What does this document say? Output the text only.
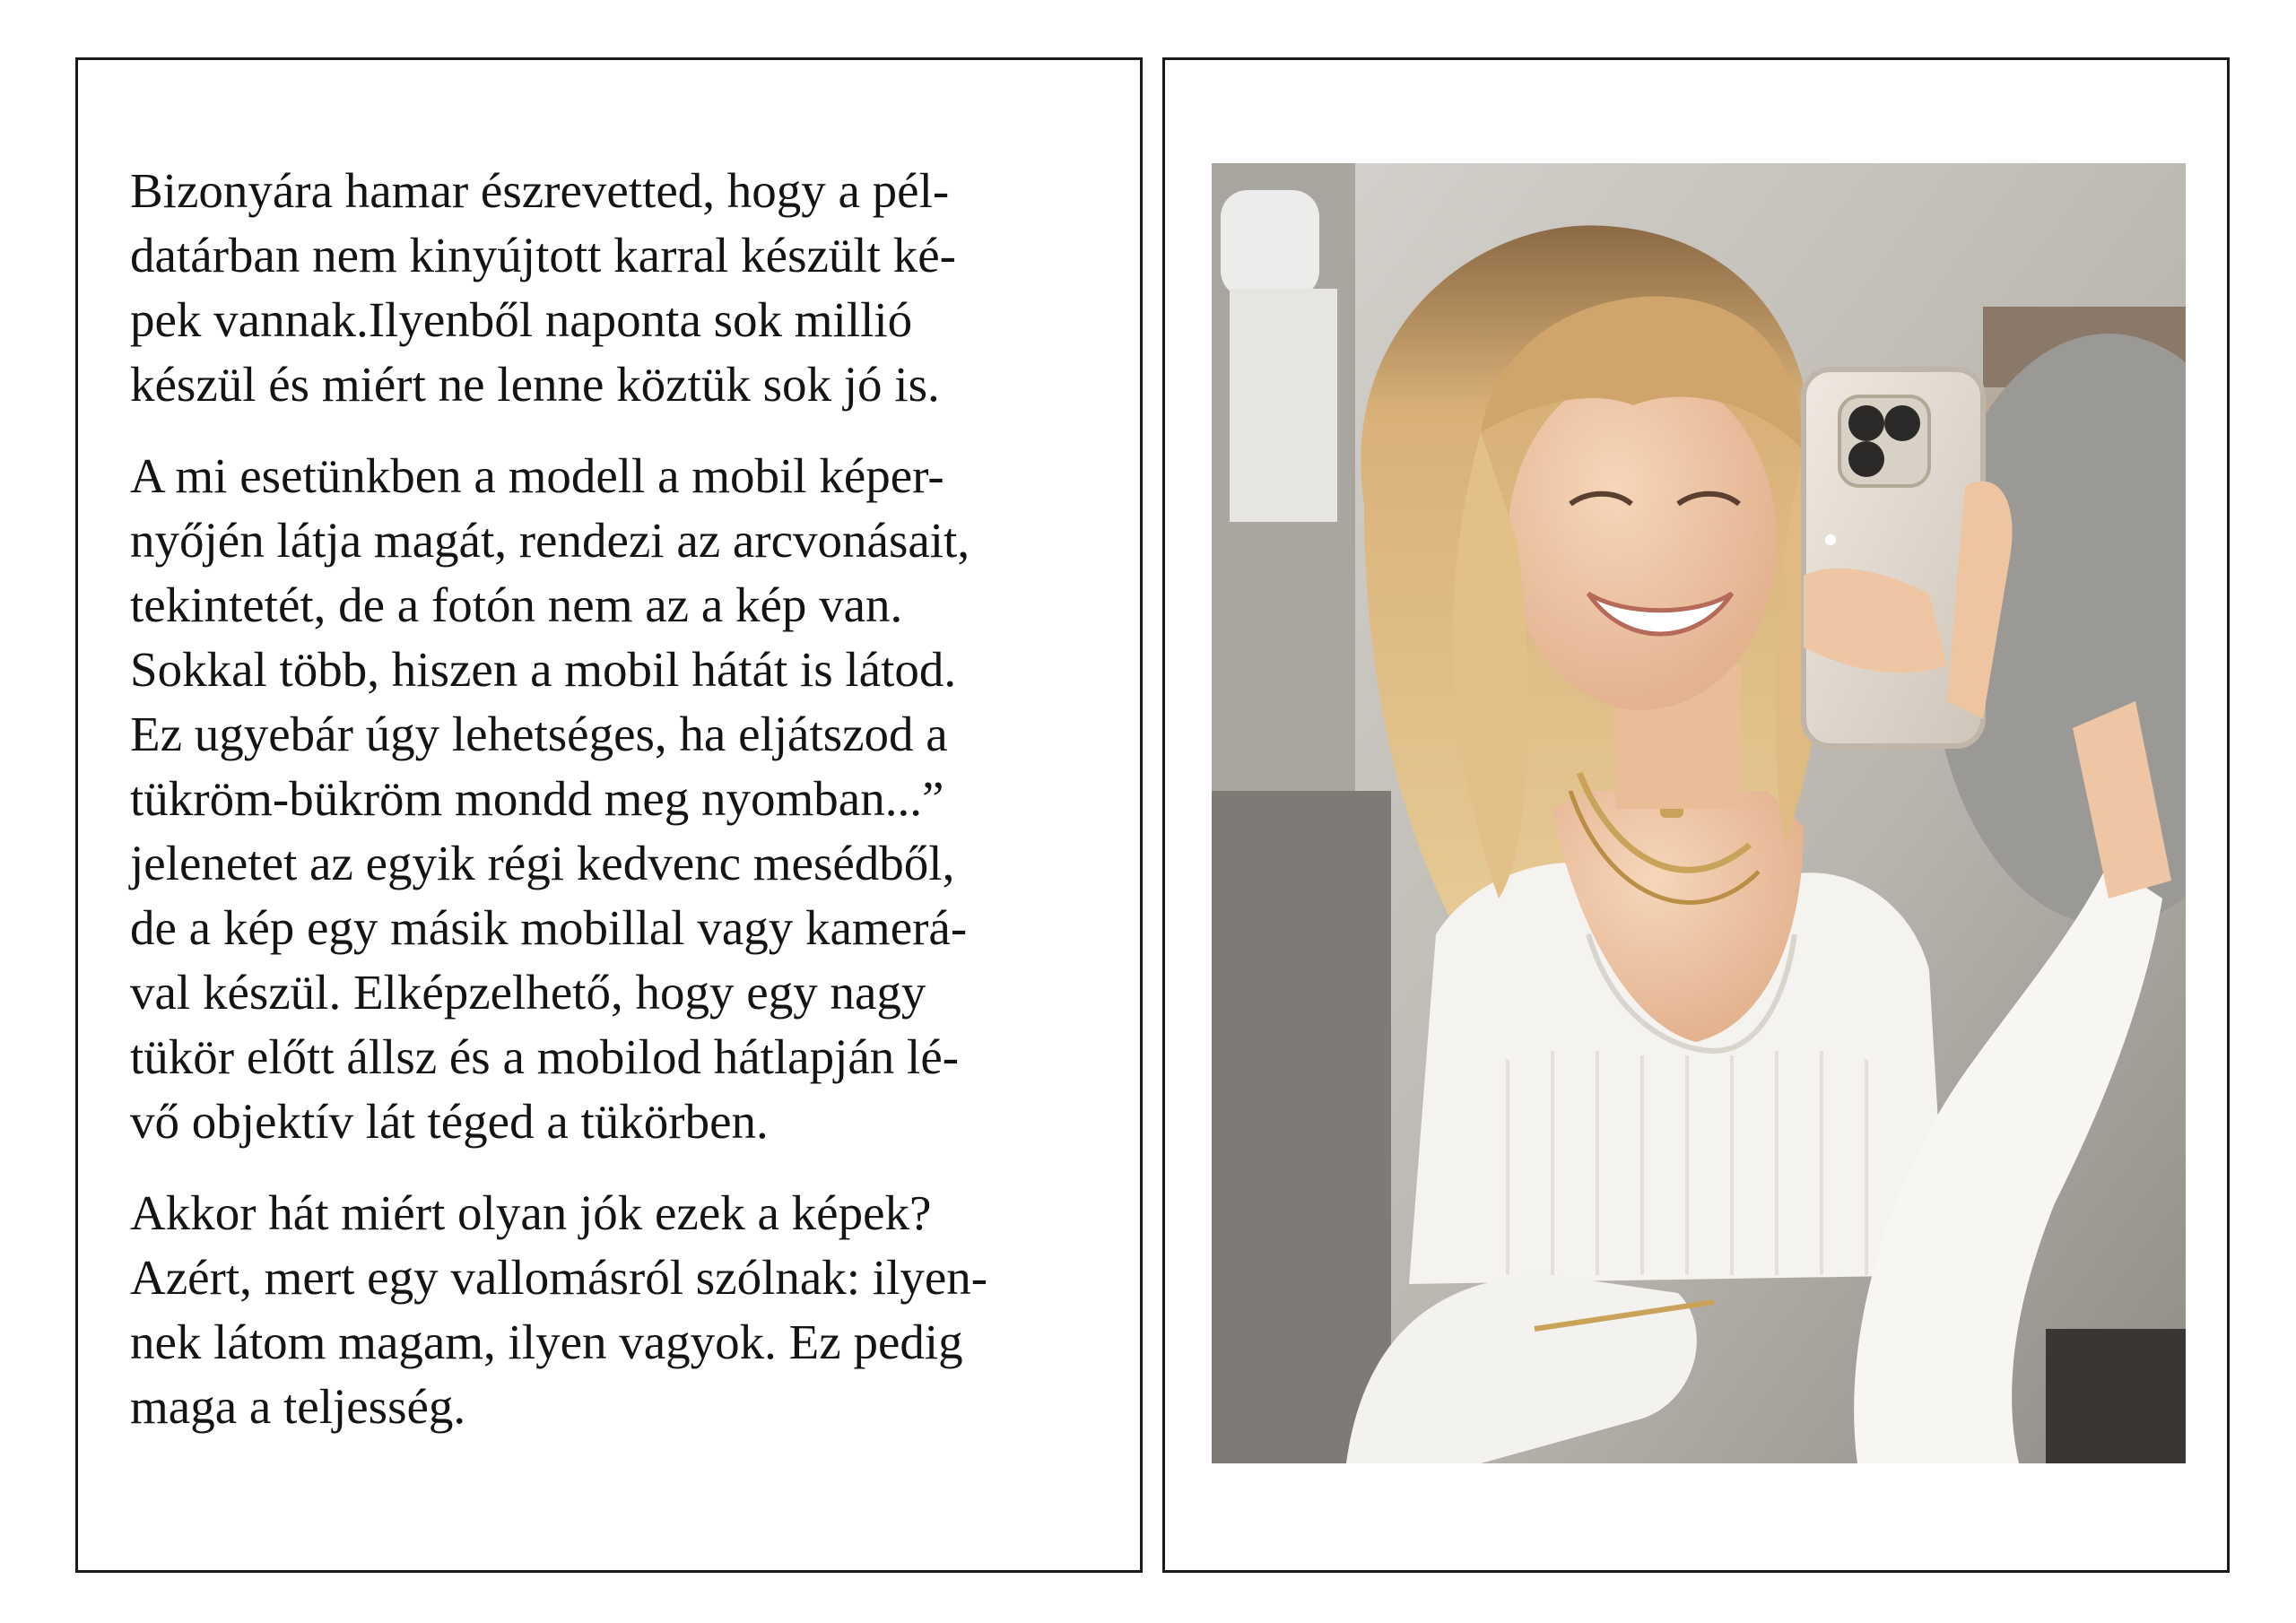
Bizonyára hamar észrevetted, hogy a pél-
datárban nem kinyújtott karral készült ké-
pek vannak.Ilyenből naponta sok millió
készül és miért ne lenne köztük sok jó is.

A mi esetünkben a modell a mobil képer-
nyőjén látja magát, rendezi az arcvonásait,
tekintetét, de a fotón nem az a kép van.
Sokkal több, hiszen a mobil hátát is látod.
Ez ugyebár úgy lehetséges, ha eljátszod a
tükröm-bükröm mondd meg nyomban...”
jelenetet az egyik régi kedvenc mesédből,
de a kép egy másik mobillal vagy kamerá-
val készül. Elképzelhető, hogy egy nagy
tükör előtt állsz és a mobilod hátlapján lé-
vő objektív lát téged a tükörben.

Akkor hát miért olyan jók ezek a képek?
Azért, mert egy vallomásról szólnak: ilyen-
nek látom magam, ilyen vagyok. Ez pedig
maga a teljesség.
